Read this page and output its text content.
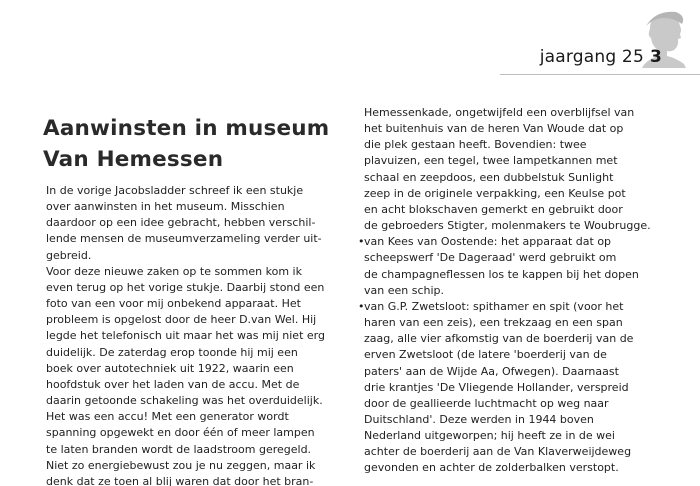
jaargang 25 3
Aanwinsten in museum
Van Hemessen
In de vorige Jacobsladder schreef ik een stukje
over aanwinsten in het museum. Misschien
daardoor op een idee gebracht, hebben verschil-
lende mensen de museumverzameling verder uit-
gebreid.
Voor deze nieuwe zaken op te sommen kom ik
even terug op het vorige stukje. Daarbij stond een
foto van een voor mij onbekend apparaat. Het
probleem is opgelost door de heer D.van Wel. Hij
legde het telefonisch uit maar het was mij niet erg
duidelijk. De zaterdag erop toonde hij mij een
boek over autotechniek uit 1922, waarin een
hoofdstuk over het laden van de accu. Met de
daarin getoonde schakeling was het overduidelijk.
Het was een accu! Met een generator wordt
spanning opgewekt en door één of meer lampen
te laten branden wordt de laadstroom geregeld.
Niet zo energiebewust zou je nu zeggen, maar ik
denk dat ze toen al blij waren dat door het bran-
Hemessenkade, ongetwijfeld een overblijfsel van
het buitenhuis van de heren Van Woude dat op
die plek gestaan heeft. Bovendien: twee
plavuizen, een tegel, twee lampetkannen met
schaal en zeepdoos, een dubbelstuk Sunlight
zeep in de originele verpakking, een Keulse pot
en acht blokschaven gemerkt en gebruikt door
de gebroeders Stigter, molenmakers te Woubrugge.
• van Kees van Oostende: het apparaat dat op
scheepswerf 'De Dageraad' werd gebruikt om
de champagneflessen los te kappen bij het dopen
van een schip.
• van G.P. Zwetsloot: spithamer en spit (voor het
haren van een zeis), een trekzaag en een span
zaag, alle vier afkomstig van de boerderij van de
erven Zwetsloot (de latere 'boerderij van de
paters' aan de Wijde Aa, Ofwegen). Daarnaast
drie krantjes 'De Vliegende Hollander, verspreid
door de geallieerde luchtmacht op weg naar
Duitschland'. Deze werden in 1944 boven
Nederland uitgeworpen; hij heeft ze in de wei
achter de boerderij aan de Van Klaverweijdeweg
gevonden en achter de zolderbalken verstopt.
